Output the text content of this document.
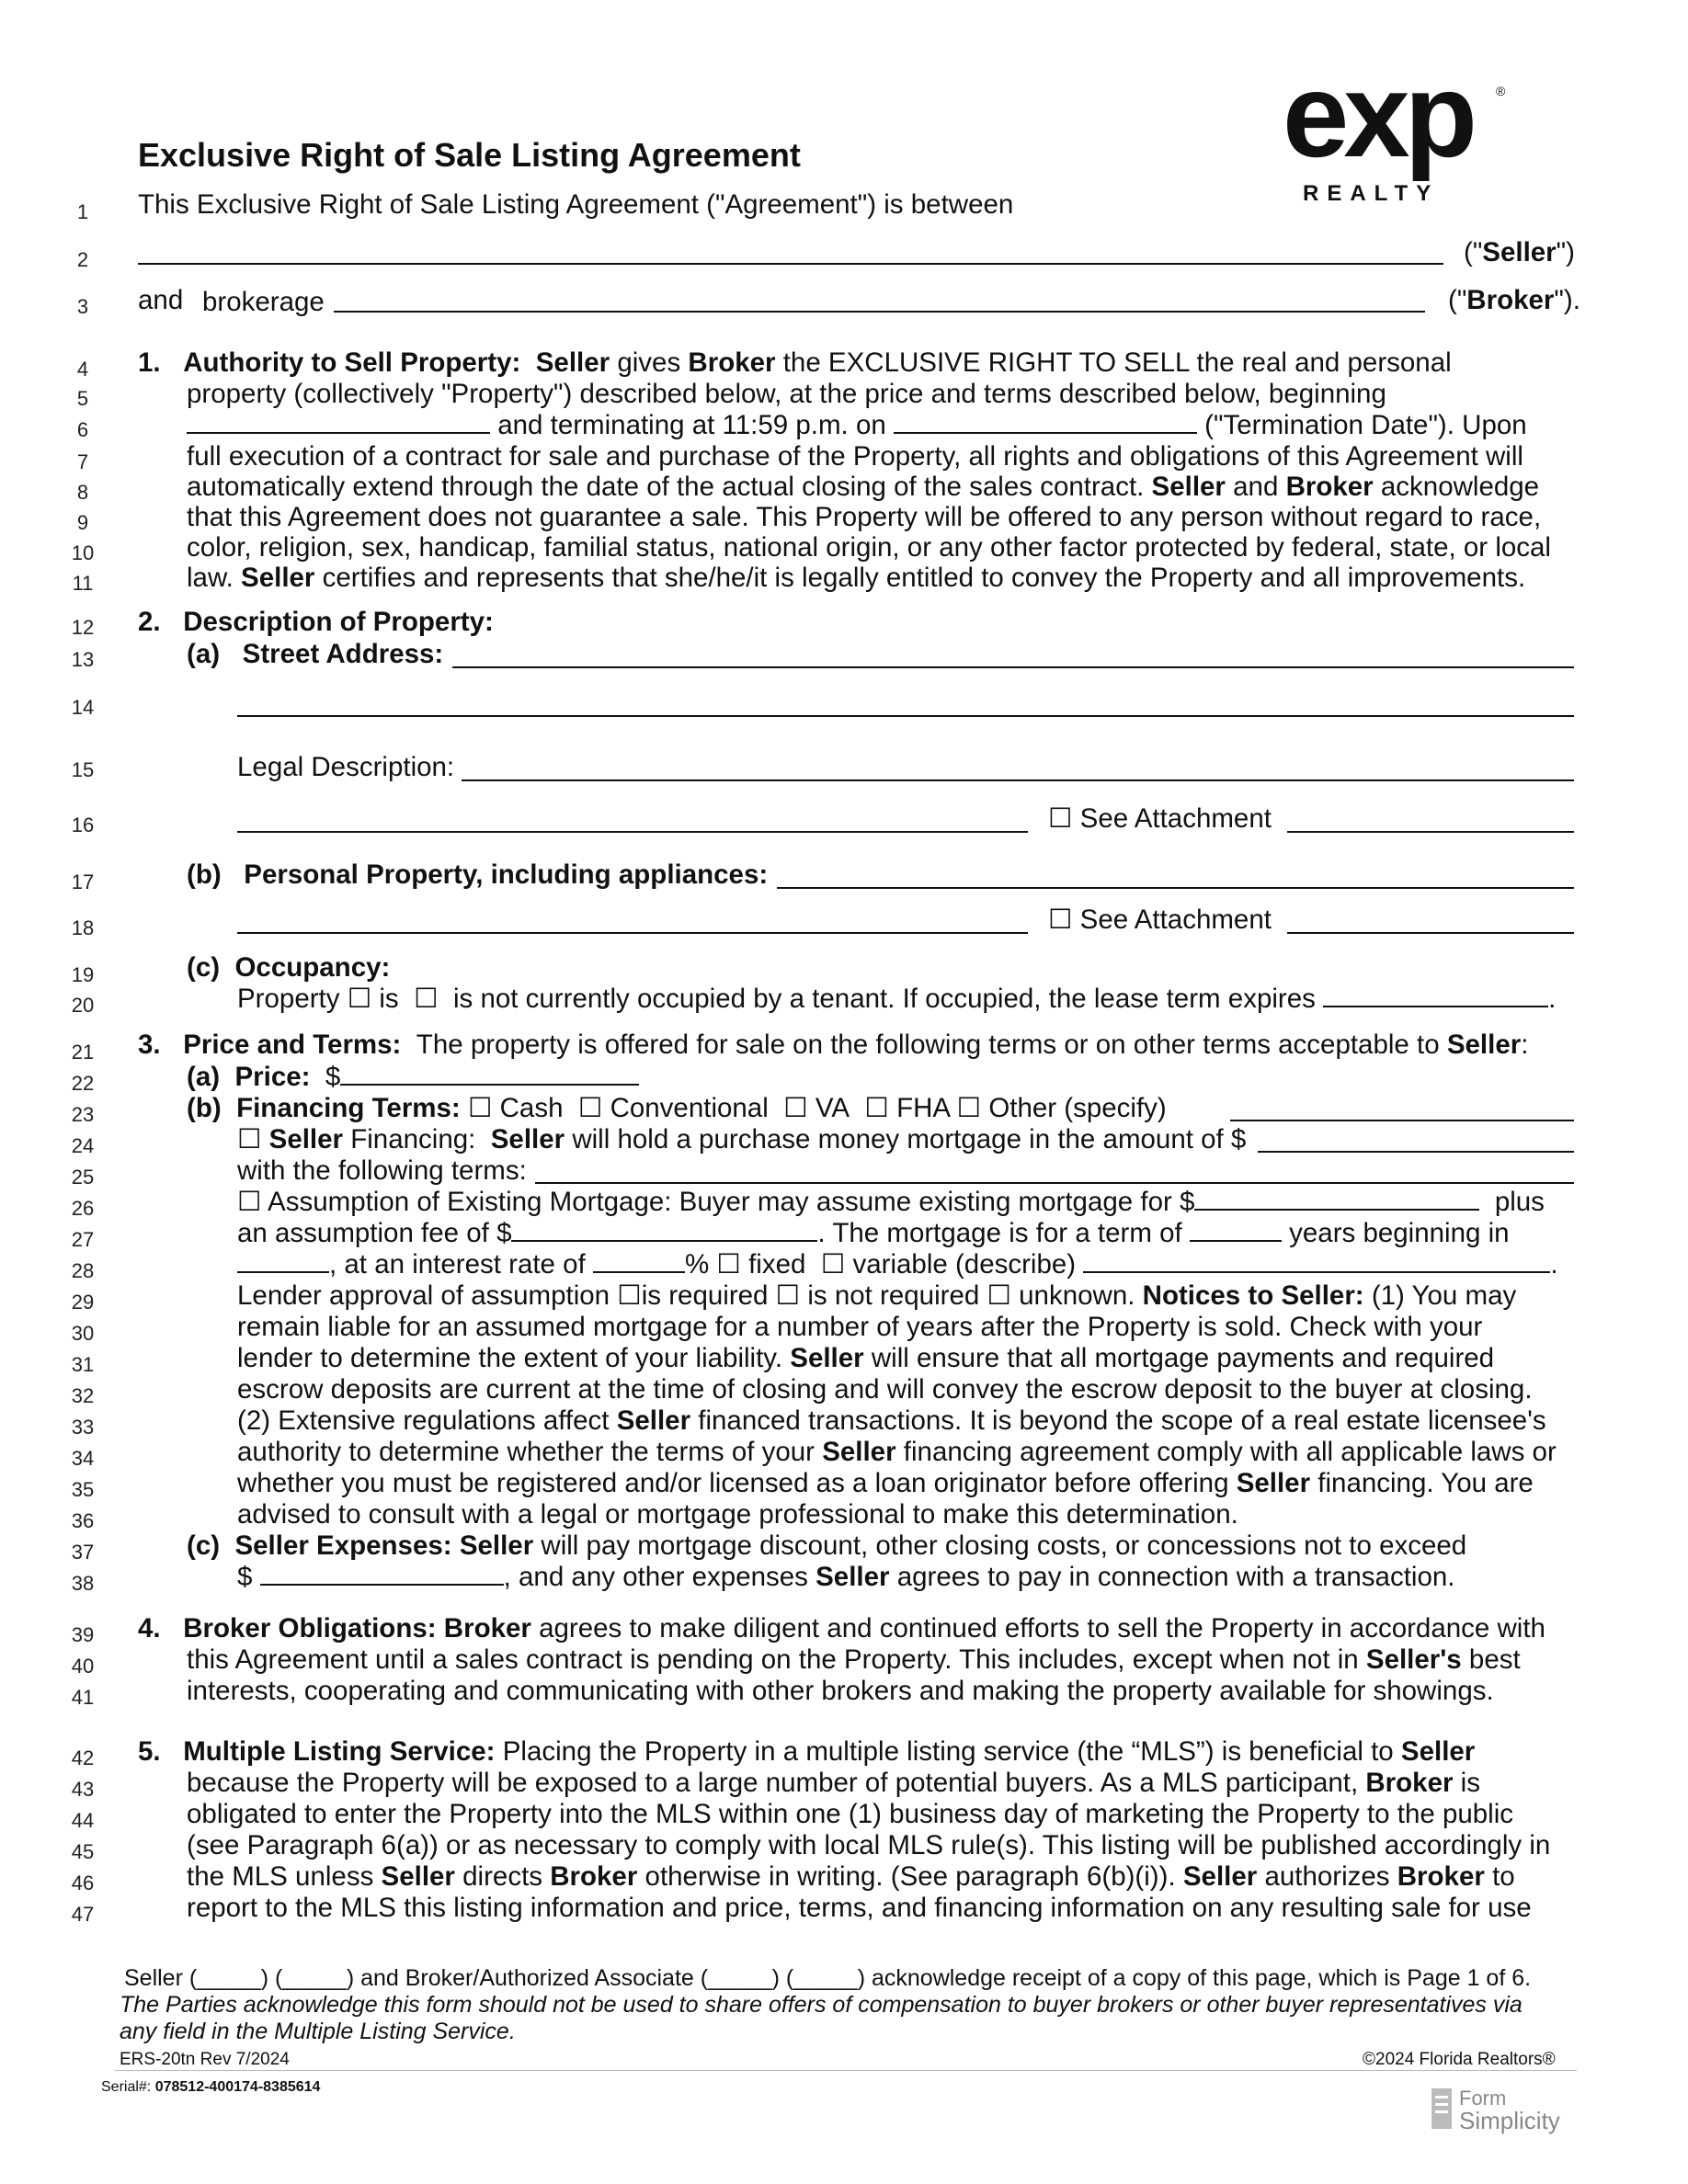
exp ®
REALTY
Exclusive Right of Sale Listing Agreement
1
2
3
4
5
6
7
8
9
10
11
12
13
14
15
16
17
18
19
20
21
22
23
24
25
26
27
28
29
30
31
32
33
34
35
36
37
38
39
40
41
42
43
44
45
46
47
This Exclusive Right of Sale Listing Agreement ("Agreement") is between
("Seller")
and brokerage	("Broker").
1. Authority to Sell Property: Seller gives Broker the EXCLUSIVE RIGHT TO SELL the real and personal
property (collectively "Property") described below, at the price and terms described below, beginning
and terminating at 11:59 p.m. on	("Termination Date"). Upon
full execution of a contract for sale and purchase of the Property, all rights and obligations of this Agreement will
automatically extend through the date of the actual closing of the sales contract. Seller and Broker acknowledge
that this Agreement does not guarantee a sale. This Property will be offered to any person without regard to race,
color, religion, sex, handicap, familial status, national origin, or any other factor protected by federal, state, or local
law. Seller certifies and represents that she/he/it is legally entitled to convey the Property and all improvements.
2. Description of Property:
(a) Street Address:
Legal Description:
☐ See Attachment
(b) Personal Property, including appliances:
☐ See Attachment
(c) Occupancy:
Property ☐ is ☐ is not currently occupied by a tenant. If occupied, the lease term expires	.
3. Price and Terms: The property is offered for sale on the following terms or on other terms acceptable to Seller:
(a) Price: $
(b) Financing Terms: ☐ Cash ☐ Conventional ☐ VA ☐ FHA ☐ Other (specify)
☐ Seller Financing: Seller will hold a purchase money mortgage in the amount of $
with the following terms:
☐ Assumption of Existing Mortgage: Buyer may assume existing mortgage for $	plus
an assumption fee of $	. The mortgage is for a term of	years beginning in
, at an interest rate of	% ☐ fixed ☐ variable (describe)	.
Lender approval of assumption ☐is required ☐ is not required ☐ unknown. Notices to Seller: (1) You may
remain liable for an assumed mortgage for a number of years after the Property is sold. Check with your
lender to determine the extent of your liability. Seller will ensure that all mortgage payments and required
escrow deposits are current at the time of closing and will convey the escrow deposit to the buyer at closing.
(2) Extensive regulations affect Seller financed transactions. It is beyond the scope of a real estate licensee's
authority to determine whether the terms of your Seller financing agreement comply with all applicable laws or
whether you must be registered and/or licensed as a loan originator before offering Seller financing. You are
advised to consult with a legal or mortgage professional to make this determination.
(c) Seller Expenses: Seller will pay mortgage discount, other closing costs, or concessions not to exceed
$	, and any other expenses Seller agrees to pay in connection with a transaction.
4. Broker Obligations: Broker agrees to make diligent and continued efforts to sell the Property in accordance with
this Agreement until a sales contract is pending on the Property. This includes, except when not in Seller's best
interests, cooperating and communicating with other brokers and making the property available for showings.
5. Multiple Listing Service: Placing the Property in a multiple listing service (the “MLS”) is beneficial to Seller
because the Property will be exposed to a large number of potential buyers. As a MLS participant, Broker is
obligated to enter the Property into the MLS within one (1) business day of marketing the Property to the public
(see Paragraph 6(a)) or as necessary to comply with local MLS rule(s). This listing will be published accordingly in
the MLS unless Seller directs Broker otherwise in writing. (See paragraph 6(b)(i)). Seller authorizes Broker to
report to the MLS this listing information and price, terms, and financing information on any resulting sale for use
Seller (_____) (_____) and Broker/Authorized Associate (_____) (_____) acknowledge receipt of a copy of this page, which is Page 1 of 6.
The Parties acknowledge this form should not be used to share offers of compensation to buyer brokers or other buyer representatives via
any field in the Multiple Listing Service.
ERS-20tn Rev 7/2024	©2024 Florida Realtors®
Serial#: 078512-400174-8385614	Form
Simplicity
